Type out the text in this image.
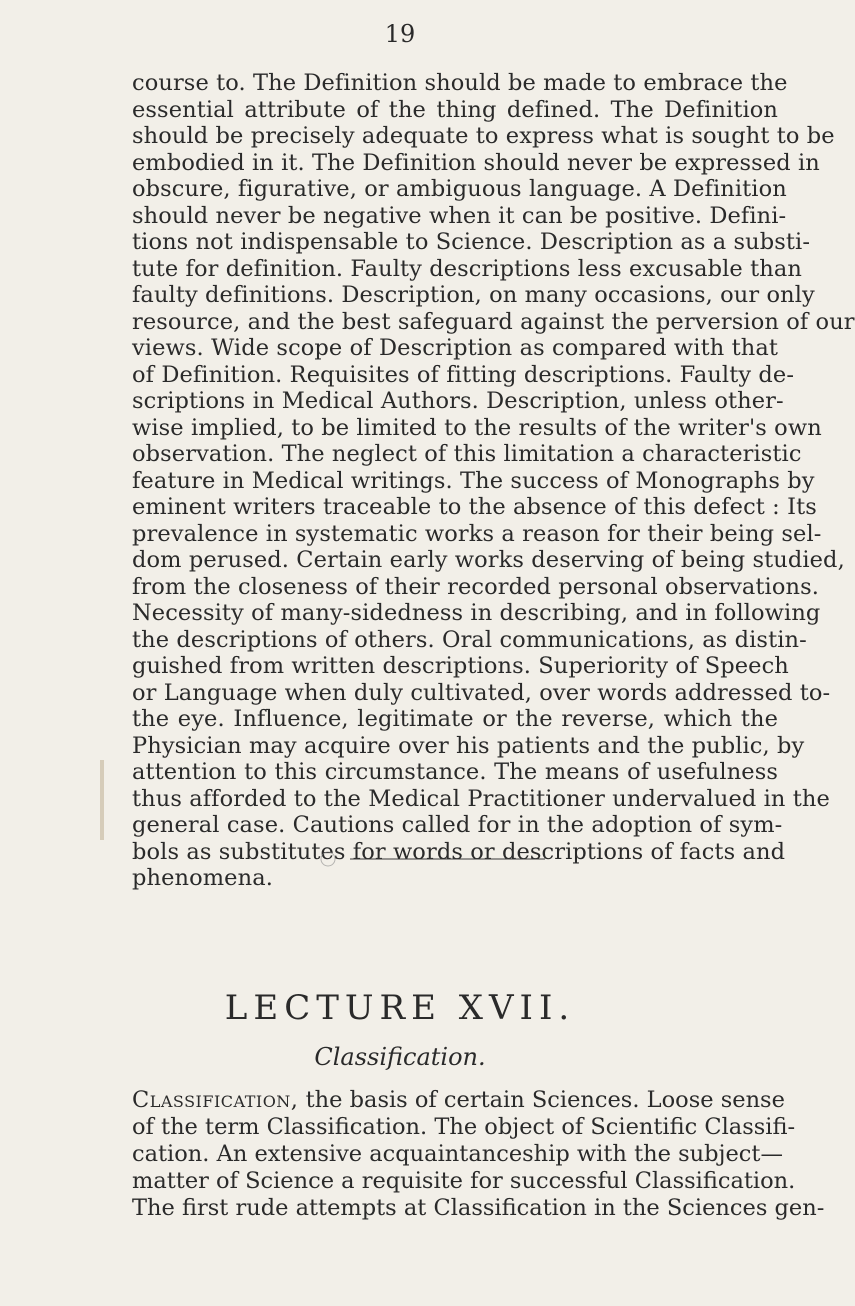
19
course to. The Definition should be made to embrace the
essential attribute of the thing defined. The Definition
should be precisely adequate to express what is sought to be
embodied in it. The Definition should never be expressed in
obscure, figurative, or ambiguous language. A Definition
should never be negative when it can be positive. Defini-
tions not indispensable to Science. Description as a substi-
tute for definition. Faulty descriptions less excusable than
faulty definitions. Description, on many occasions, our only
resource, and the best safeguard against the perversion of our
views. Wide scope of Description as compared with that
of Definition. Requisites of fitting descriptions. Faulty de-
scriptions in Medical Authors. Description, unless other-
wise implied, to be limited to the results of the writer's own
observation. The neglect of this limitation a characteristic
feature in Medical writings. The success of Monographs by
eminent writers traceable to the absence of this defect : Its
prevalence in systematic works a reason for their being sel-
dom perused. Certain early works deserving of being studied,
from the closeness of their recorded personal observations.
Necessity of many-sidedness in describing, and in following
the descriptions of others. Oral communications, as distin-
guished from written descriptions. Superiority of Speech
or Language when duly cultivated, over words addressed to-
the eye. Influence, legitimate or the reverse, which the
Physician may acquire over his patients and the public, by
attention to this circumstance. The means of usefulness
thus afforded to the Medical Practitioner undervalued in the
general case. Cautions called for in the adoption of sym-
bols as substitutes for words or descriptions of facts and
phenomena.
LECTURE XVII.
Classification.
Classification, the basis of certain Sciences. Loose sense
of the term Classification. The object of Scientific Classifi-
cation. An extensive acquaintanceship with the subject—
matter of Science a requisite for successful Classification.
The first rude attempts at Classification in the Sciences gen-
